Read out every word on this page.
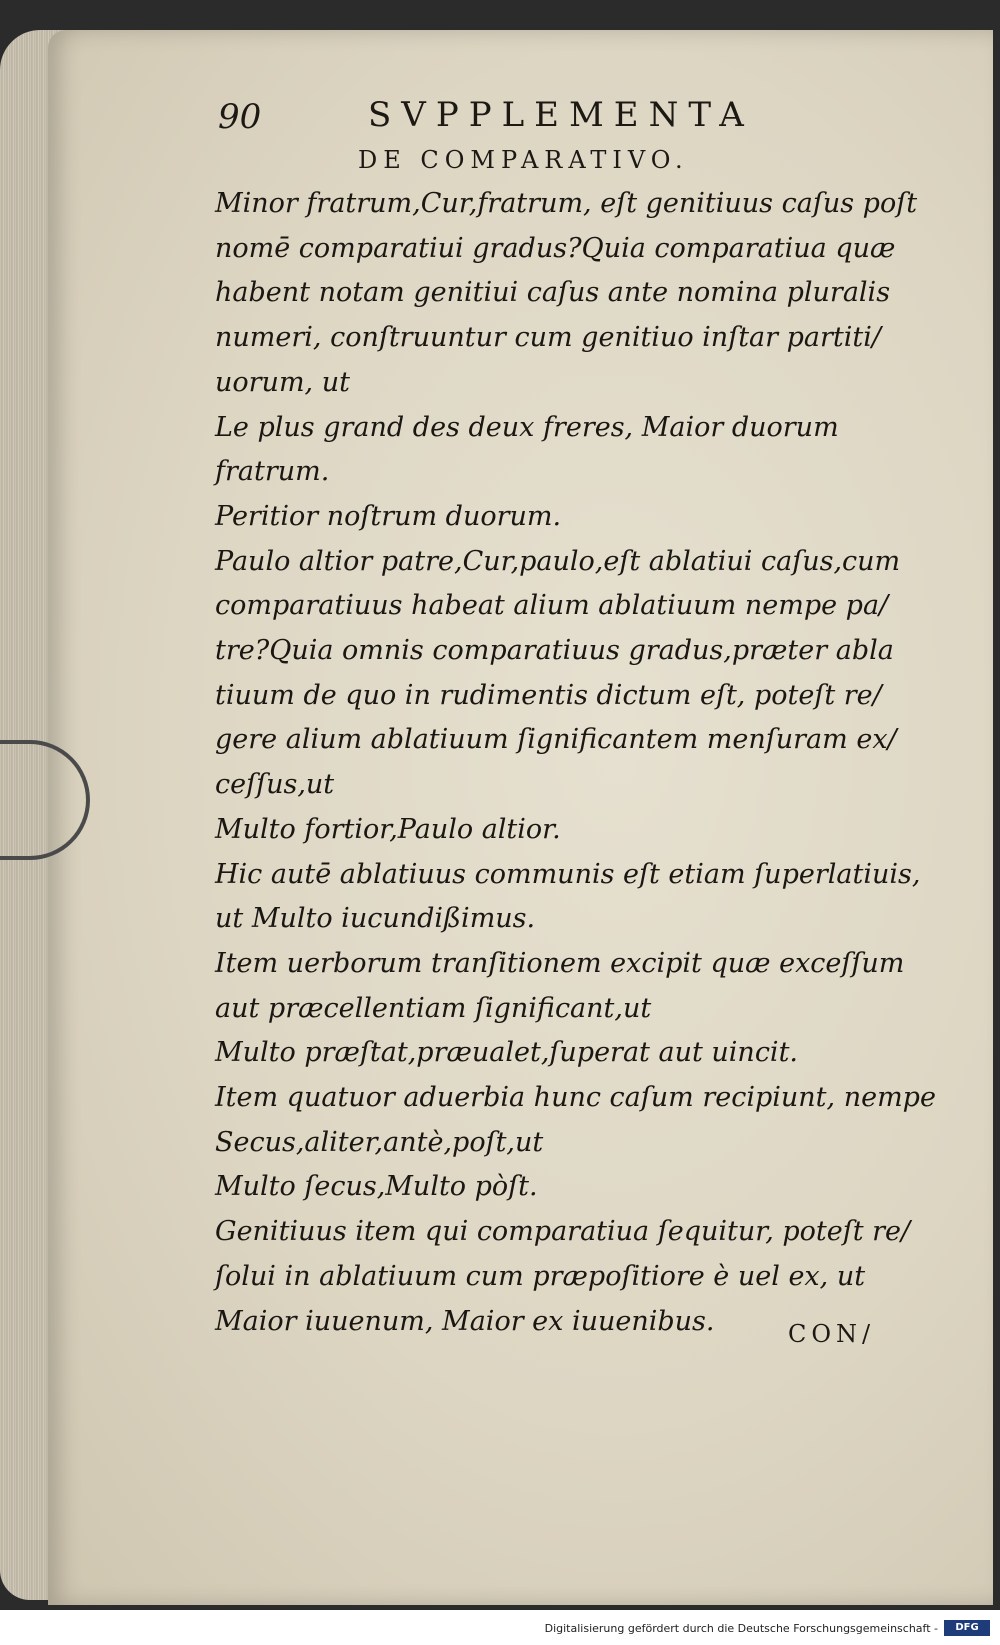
90	SVPPLEMENTA
DE COMPARATIVO.

Minor fratrum,Cur,fratrum, eſt genitiuus caſus poſt

nomē comparatiui gradus?Quia comparatiua quæ

habent notam genitiui caſus ante nomina pluralis

numeri, conſtruuntur cum genitiuo inſtar partiti/

uorum, ut

Le plus grand des deux freres, Maior duorum

fratrum.

Peritior noſtrum duorum.

Paulo altior patre,Cur,paulo,eſt ablatiui caſus,cum

comparatiuus habeat alium ablatiuum nempe pa/

tre?Quia omnis comparatiuus gradus,præter abla

tiuum de quo in rudimentis dictum eſt, poteſt re/

gere alium ablatiuum ſignificantem menſuram ex/

ceſſus,ut

Multo fortior,Paulo altior.

Hic autē ablatiuus communis eſt etiam ſuperlatiuis,

ut Multo iucundißimus.

Item uerborum tranſitionem excipit quæ exceſſum

aut præcellentiam ſignificant,ut

Multo præſtat,præualet,ſuperat aut uincit.

Item quatuor aduerbia hunc caſum recipiunt, nempe

Secus,aliter,antè,poſt,ut

Multo ſecus,Multo pòſt.

Genitiuus item qui comparatiua ſequitur, poteſt re/

ſolui in ablatiuum cum præpoſitiore è uel ex, ut

Maior iuuenum, Maior ex iuuenibus.	CON/
Digitalisierung gefördert durch die Deutsche Forschungsgemeinschaft -	DFG
